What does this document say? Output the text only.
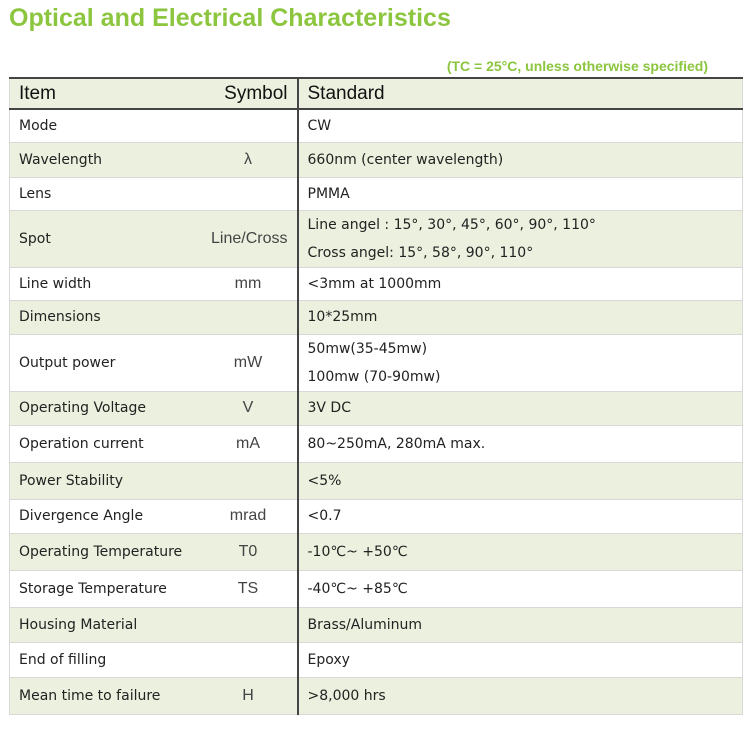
Optical and Electrical Characteristics
(TC = 25°C, unless otherwise specified)
Item	Symbol	Standard
Mode		CW
Wavelength	λ	660nm (center wavelength)
Lens		PMMA
Spot	Line/Cross	Line angel : 15°, 30°, 45°, 60°, 90°, 110°
Cross angel: 15°, 58°, 90°, 110°

Line width	mm	<3mm at 1000mm
Dimensions		10*25mm
Output power	mW	50mw(35-45mw)
100mw (70-90mw)

Operating Voltage	V	3V DC
Operation current	mA	80~250mA, 280mA max.
Power Stability		<5%
Divergence Angle	mrad	<0.7
Operating Temperature	T0	-10℃~ +50℃
Storage Temperature	TS	-40℃~ +85℃
Housing Material		Brass/Aluminum
End of filling		Epoxy
Mean time to failure	H	>8,000 hrs
